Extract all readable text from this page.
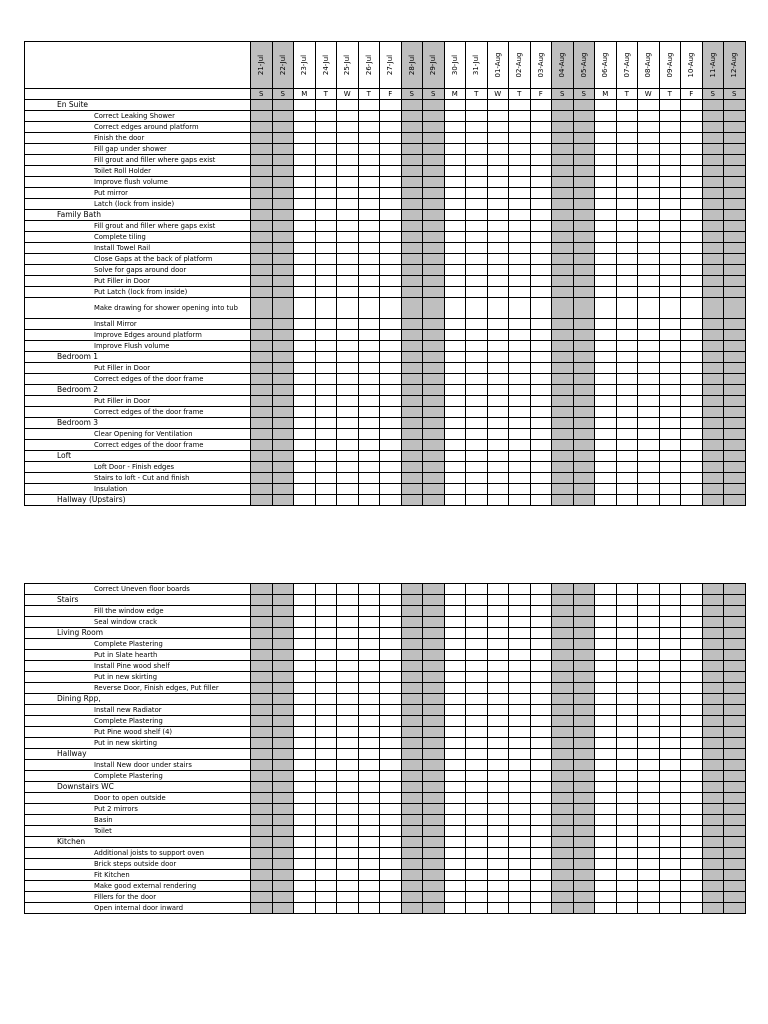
	21-Jul	22-Jul	23-Jul	24-Jul	25-Jul	26-Jul	27-Jul	28-Jul	29-Jul	30-Jul	31-Jul	01-Aug	02-Aug	03-Aug	04-Aug	05-Aug	06-Aug	07-Aug	08-Aug	09-Aug	10-Aug	11-Aug	12-Aug

	S	S	M	T	W	T	F	S	S	M	T	W	T	F	S	S	M	T	W	T	F	S	S
En Suite																							

Correct Leaking Shower																							

Correct edges around platform																							

Finish the door																							

Fill gap under shower																							

Fill grout and filler where gaps exist																							

Toilet Roll Holder																							

Improve flush volume																							

Put mirror																							

Latch (lock from inside)																							

Family Bath																							

Fill grout and filler where gaps exist																							

Complete tiling																							

Install Towel Rail																							

Close Gaps at the back of platform																							

Solve for gaps around door																							

Put Filler in Door																							

Put Latch (lock from inside)																							

Make drawing for shower opening into tub																							

Install Mirror																							

Improve Edges around platform																							

Improve Flush volume																							

Bedroom 1																							

Put Filler in Door																							

Correct edges of the door frame																							

Bedroom 2																							

Put Filler in Door																							

Correct edges of the door frame																							

Bedroom 3																							

Clear Opening for Ventilation																							

Correct edges of the door frame																							

Loft																							

Loft Door - Finish edges																							

Stairs to loft - Cut and finish																							

Insulation																							

Hallway (Upstairs)																							
Correct Uneven floor boards																							

Stairs																							

Fill the window edge																							

Seal window crack																							

Living Room																							

Complete Plastering																							

Put in Slate hearth																							

Install Pine wood shelf																							

Put in new skirting																							

Reverse Door, Finish edges, Put filler																							

Dining Rpp,																							

Install new Radiator																							

Complete Plastering																							

Put Pine wood shelf (4)																							

Put in new skirting																							

Hallway																							

Install New door under stairs																							

Complete Plastering																							

Downstairs WC																							

Door to open outside																							

Put 2 mirrors																							

Basin																							

Toilet																							

Kitchen																							

Additional joists to support oven																							

Brick steps outside door																							

Fit Kitchen																							

Make good external rendering																							

Fillers for the door																							

Open internal door inward																							
